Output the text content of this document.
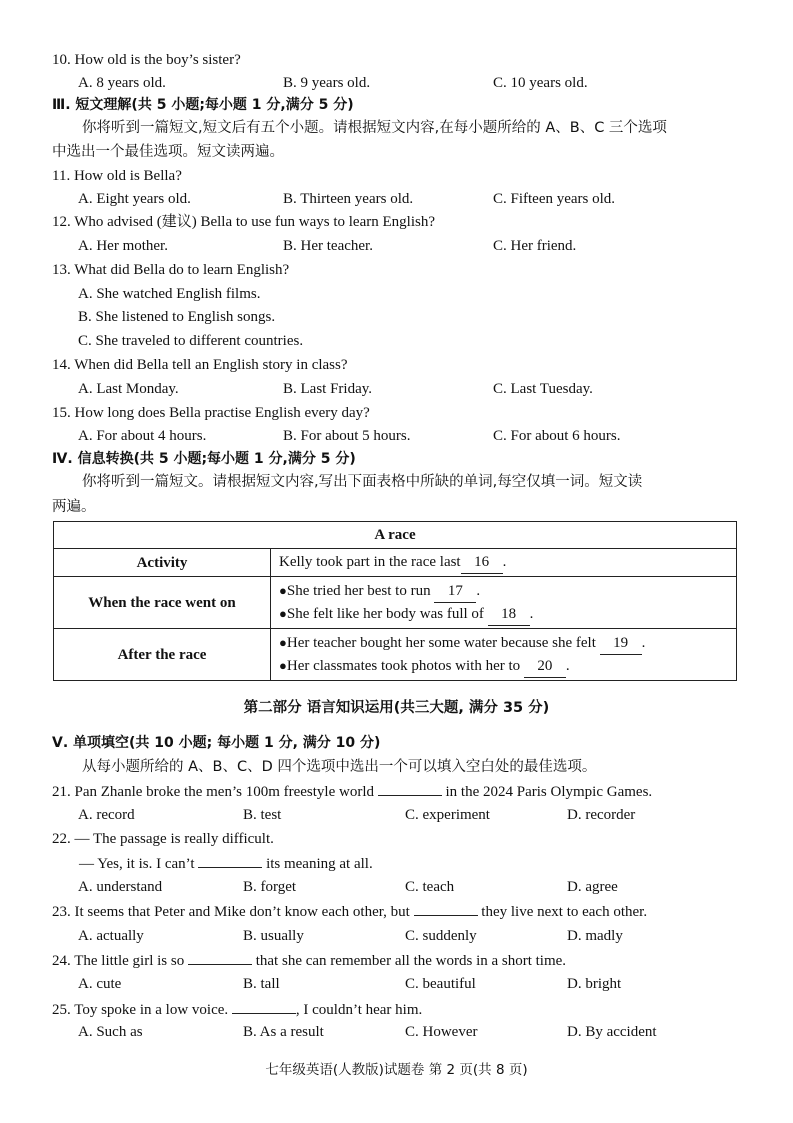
10. How old is the boy’s sister?
A. 8 years old.	B. 9 years old.	C. 10 years old.
Ⅲ. 短文理解(共 5 小题;每小题 1 分,满分 5 分)
你将听到一篇短文,短文后有五个小题。请根据短文内容,在每小题所给的 A、B、C 三个选项
中选出一个最佳选项。短文读两遍。
11. How old is Bella?
A. Eight years old.	B. Thirteen years old.	C. Fifteen years old.
12. Who advised (建议) Bella to use fun ways to learn English?
A. Her mother.	B. Her teacher.	C. Her friend.
13. What did Bella do to learn English?
A. She watched English films.
B. She listened to English songs.
C. She traveled to different countries.
14. When did Bella tell an English story in class?
A. Last Monday.	B. Last Friday.	C. Last Tuesday.
15. How long does Bella practise English every day?
A. For about 4 hours.	B. For about 5 hours.	C. For about 6 hours.
Ⅳ. 信息转换(共 5 小题;每小题 1 分,满分 5 分)
你将听到一篇短文。请根据短文内容,写出下面表格中所缺的单词,每空仅填一词。短文读
两遍。
A race	
Activity	Kelly took part in the race last 16 .
When the race went on	●She tried her best to run 17 .
●She felt like her body was full of 18 .

After the race	●Her teacher bought her some water because she felt 19 .
●Her classmates took photos with her to 20 .
第二部分 语言知识运用(共三大题, 满分 35 分)
Ⅴ. 单项填空(共 10 小题; 每小题 1 分, 满分 10 分)
从每小题所给的 A、B、C、D 四个选项中选出一个可以填入空白处的最佳选项。
21. Pan Zhanle broke the men’s 100m freestyle world	in the 2024 Paris Olympic Games.
A. record	B. test	C. experiment	D. recorder
22. — The passage is really difficult.
— Yes, it is. I can’t	its meaning at all.
A. understand	B. forget	C. teach	D. agree
23. It seems that Peter and Mike don’t know each other, but	they live next to each other.
A. actually	B. usually	C. suddenly	D. madly
24. The little girl is so	that she can remember all the words in a short time.
A. cute	B. tall	C. beautiful	D. bright
25. Toy spoke in a low voice.	, I couldn’t hear him.
A. Such as	B. As a result	C. However	D. By accident
七年级英语(人教版)试题卷 第 2 页(共 8 页)
